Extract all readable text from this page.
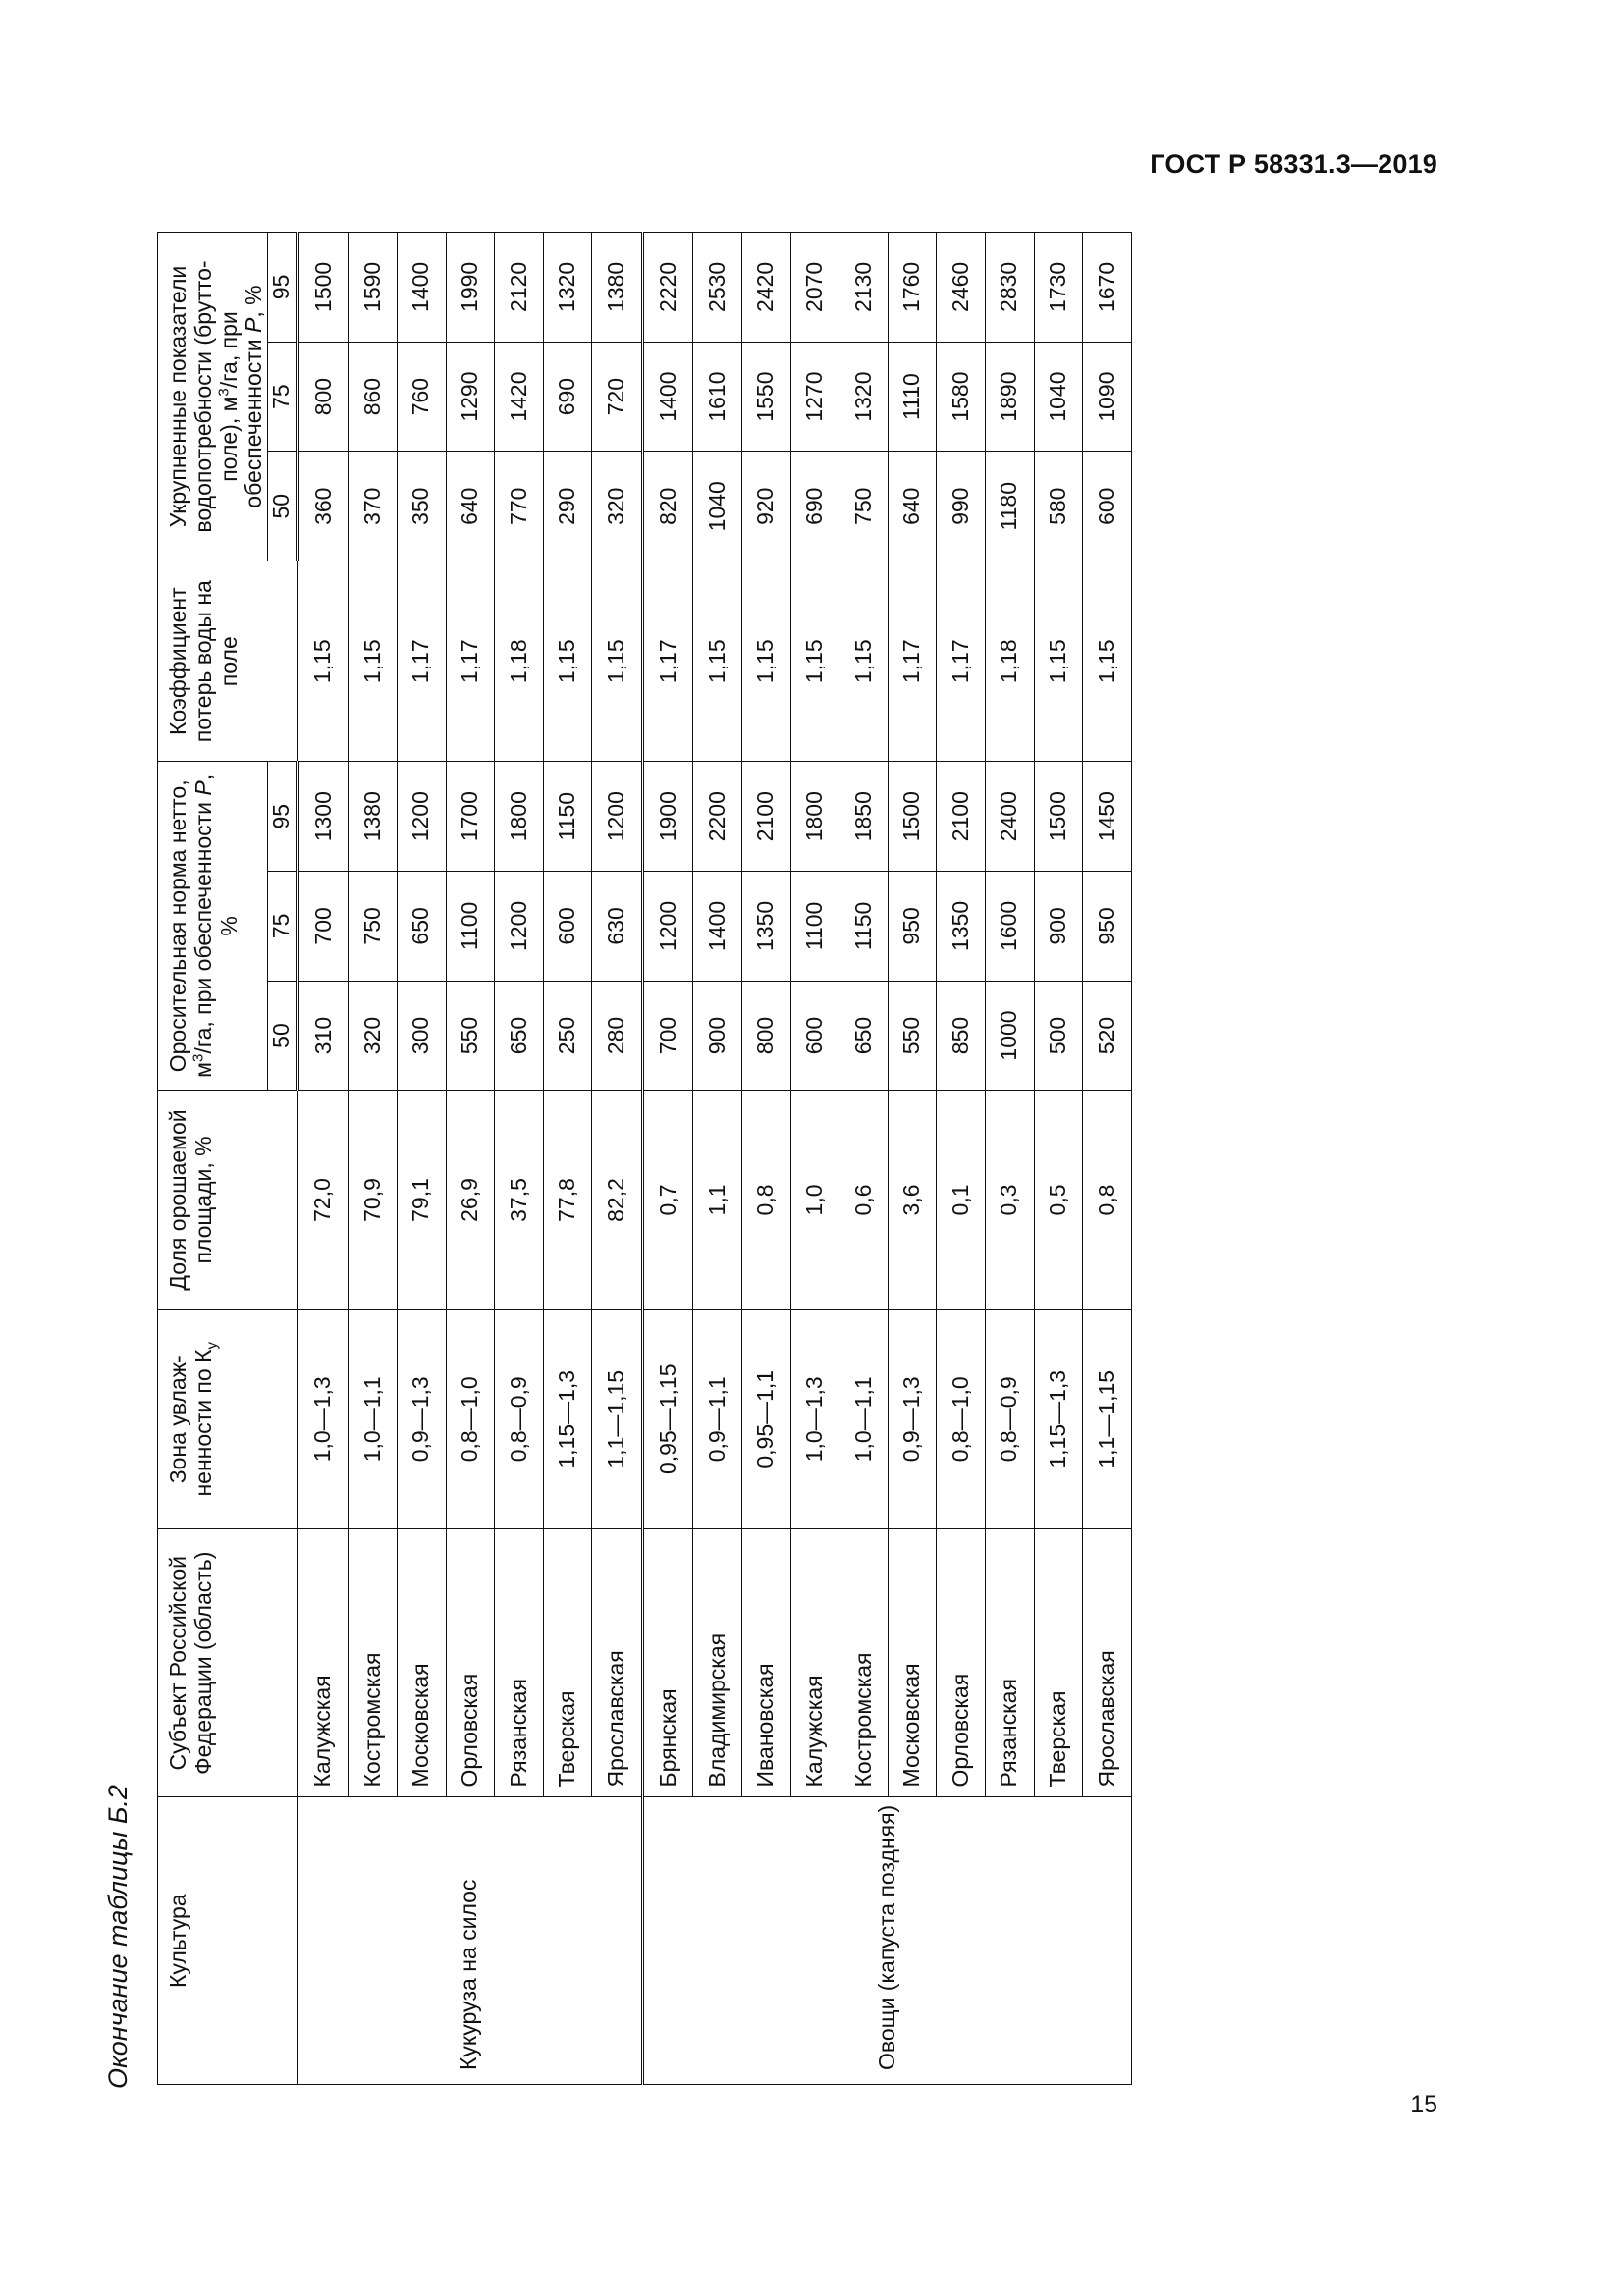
ГОСТ Р 58331.3—2019
Окончание таблицы Б.2
15
Культура	Субъект Российской Федерации (область)	Зона увлажненности по $К_у$	Доля орошаемой площади, %	Оросительная норма нетто, $м^3/га$, при обеспеченности Р, %			Коэффициент потерь воды на поле	Укрупненные показатели водопотребности (брутто-поле), $м^3/га$, при обеспеченности Р, %		
				50	75	95		50	75	95
Кукуруза на силос	Калужская	1,0—1,3	72,0	310	700	1300	1,15	360	800	1500
	Костромская	1,0—1,1	70,9	320	750	1380	1,15	370	860	1590
	Московская	0,9—1,3	79,1	300	650	1200	1,17	350	760	1400
	Орловская	0,8—1,0	26,9	550	1100	1700	1,17	640	1290	1990
	Рязанская	0,8—0,9	37,5	650	1200	1800	1,18	770	1420	2120
	Тверская	1,15—1,3	77,8	250	600	1150	1,15	290	690	1320
	Ярославская	1,1—1,15	82,2	280	630	1200	1,15	320	720	1380
Овощи (капуста поздняя)	Брянская	0,95—1,15	0,7	700	1200	1900	1,17	820	1400	2220
	Владимирская	0,9—1,1	1,1	900	1400	2200	1,15	1040	1610	2530
	Ивановская	0,95—1,1	0,8	800	1350	2100	1,15	920	1550	2420
	Калужская	1,0—1,3	1,0	600	1100	1800	1,15	690	1270	2070
	Костромская	1,0—1,1	0,6	650	1150	1850	1,15	750	1320	2130
	Московская	0,9—1,3	3,6	550	950	1500	1,17	640	1110	1760
	Орловская	0,8—1,0	0,1	850	1350	2100	1,17	990	1580	2460
	Рязанская	0,8—0,9	0,3	1000	1600	2400	1,18	1180	1890	2830
	Тверская	1,15—1,3	0,5	500	900	1500	1,15	580	1040	1730
	Ярославская	1,1—1,15	0,8	520	950	1450	1,15	600	1090	1670
